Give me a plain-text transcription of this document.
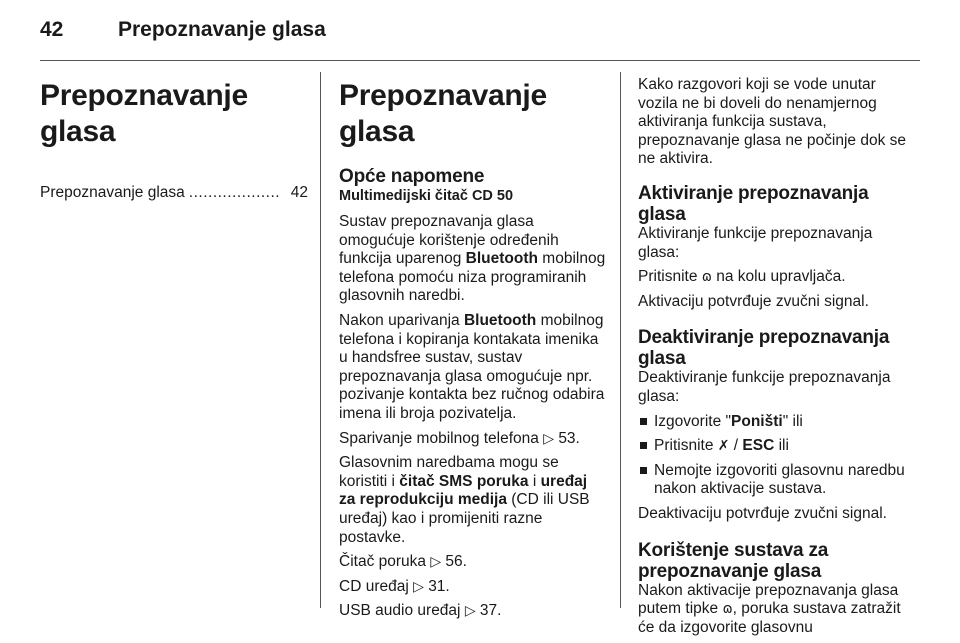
42	Prepoznavanje glasa
Prepoznavanje glasa
Prepoznavanje glasa ................... 42
Prepoznavanje glasa
Opće napomene
Multimedijski čitač CD 50

Sustav prepoznavanja glasa omogućuje korištenje određenih funkcija uparenog Bluetooth mobilnog telefona pomoću niza programiranih glasovnih naredbi.

Nakon uparivanja Bluetooth mobilnog telefona i kopiranja kontakata imenika u handsfree sustav, sustav prepoznavanja glasa omogućuje npr. pozivanje kontakta bez ručnog odabira imena ili broja pozivatelja.

Sparivanje mobilnog telefona ▷ 53.

Glasovnim naredbama mogu se koristiti i čitač SMS poruka i uređaj za reprodukciju medija (CD ili USB uređaj) kao i promijeniti razne postavke.

Čitač poruka ▷ 56.

CD uređaj ▷ 31.

USB audio uređaj ▷ 37.

Kako razgovori koji se vode unutar vozila ne bi doveli do nenamjernog aktiviranja funkcija sustava, prepoznavanje glasa ne počinje dok se ne aktivira.

Aktiviranje prepoznavanja glasa

Aktiviranje funkcije prepoznavanja glasa:

Pritisnite ɷ na kolu upravljača.

Aktivaciju potvrđuje zvučni signal.

Deaktiviranje prepoznavanja glasa

Deaktiviranje funkcije prepoznavanja glasa:

Izgovorite "Poništi" ili
Pritisnite ✗ / ESC ili
Nemojte izgovoriti glasovnu naredbu nakon aktivacije sustava.

Deaktivaciju potvrđuje zvučni signal.

Korištenje sustava za prepoznavanje glasa

Nakon aktivacije prepoznavanja glasa putem tipke ɷ, poruka sustava zatražit će da izgovorite glasovnu
